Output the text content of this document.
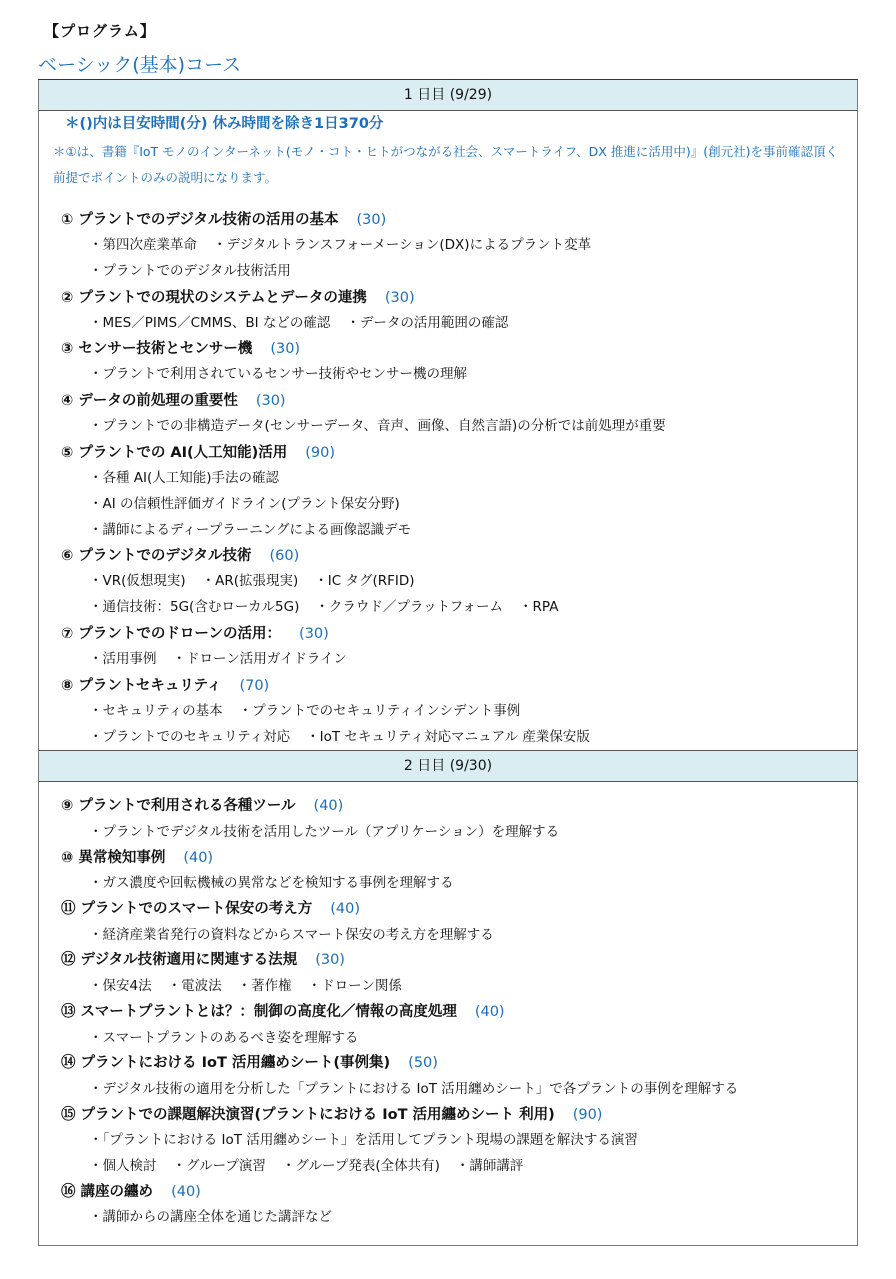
【プログラム】
ベーシック(基本)コース
1 日目 (9/29)
＊()内は目安時間(分) 休み時間を除き1日370分
＊①は、書籍『IoT モノのインターネット(モノ・コト・ヒトがつながる社会、スマートライフ、DX 推進に活用中)』(創元社)を事前確認頂く前提でポイントのみの説明になります。
① プラントでのデジタル技術の活用の基本 (30)
・第四次産業革命 ・デジタルトランスフォーメーション(DX)によるプラント変革
・プラントでのデジタル技術活用
② プラントでの現状のシステムとデータの連携 (30)
・MES／PIMS／CMMS、BI などの確認 ・データの活用範囲の確認
③ センサー技術とセンサー機 (30)
・プラントで利用されているセンサー技術やセンサー機の理解
④ データの前処理の重要性 (30)
・プラントでの非構造データ(センサーデータ、音声、画像、自然言語)の分析では前処理が重要
⑤ プラントでの AI(人工知能)活用 (90)
・各種 AI(人工知能)手法の確認
・AI の信頼性評価ガイドライン(プラント保安分野)
・講師によるディープラーニングによる画像認識デモ
⑥ プラントでのデジタル技術 (60)
・VR(仮想現実) ・AR(拡張現実) ・IC タグ(RFID)
・通信技術：5G(含むローカル5G) ・クラウド／プラットフォーム ・RPA
⑦ プラントでのドローンの活用： (30)
・活用事例 ・ドローン活用ガイドライン
⑧ プラントセキュリティ (70)
・セキュリティの基本 ・プラントでのセキュリティインシデント事例
・プラントでのセキュリティ対応 ・IoT セキュリティ対応マニュアル 産業保安版
2 日目 (9/30)
⑨ プラントで利用される各種ツール (40)
・プラントでデジタル技術を活用したツール（アプリケーション）を理解する
⑩ 異常検知事例 (40)
・ガス濃度や回転機械の異常などを検知する事例を理解する
⑪ プラントでのスマート保安の考え方 (40)
・経済産業省発行の資料などからスマート保安の考え方を理解する
⑫ デジタル技術適用に関連する法規 (30)
・保安4法 ・電波法 ・著作権 ・ドローン関係
⑬ スマートプラントとは？：制御の高度化／情報の高度処理 (40)
・スマートプラントのあるべき姿を理解する
⑭ プラントにおける IoT 活用纏めシート(事例集) (50)
・デジタル技術の適用を分析した「プラントにおける IoT 活用纏めシート」で各プラントの事例を理解する
⑮ プラントでの課題解決演習(プラントにおける IoT 活用纏めシート 利用) (90)
・「プラントにおける IoT 活用纏めシート」を活用してプラント現場の課題を解決する演習
・個人検討 ・グループ演習 ・グループ発表(全体共有) ・講師講評
⑯ 講座の纏め (40)
・講師からの講座全体を通じた講評など
